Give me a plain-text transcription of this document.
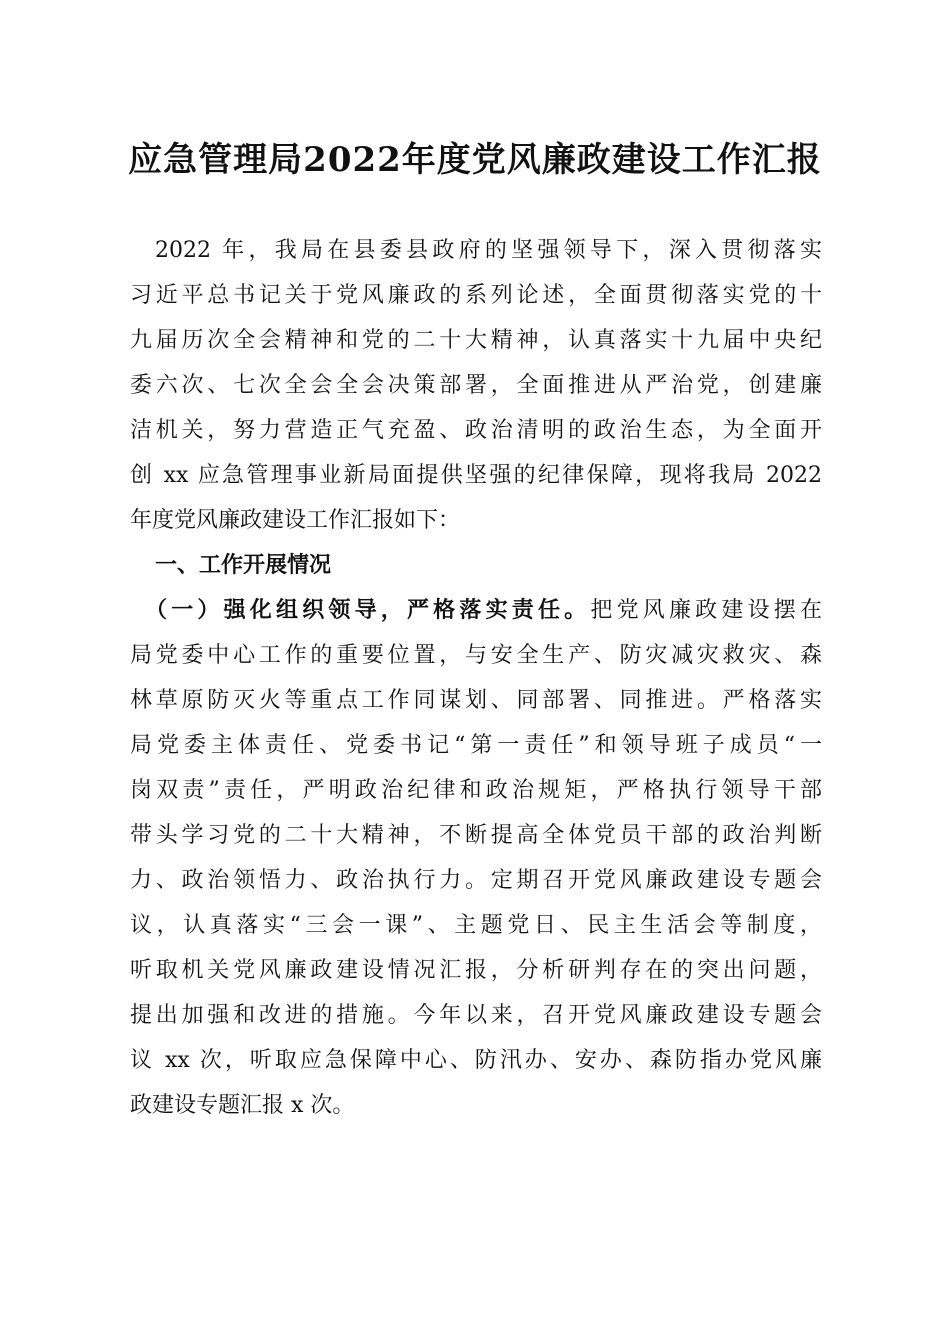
应急管理局2022年度党风廉政建设工作汇报
2022 年，我局在县委县政府的坚强领导下，深入贯彻落实
习近平总书记关于党风廉政的系列论述，全面贯彻落实党的十
九届历次全会精神和党的二十大精神，认真落实十九届中央纪
委六次、七次全会全会决策部署，全面推进从严治党，创建廉
洁机关，努力营造正气充盈、政治清明的政治生态，为全面开
创 xx 应急管理事业新局面提供坚强的纪律保障，现将我局 2022
年度党风廉政建设工作汇报如下：
一、工作开展情况
（一）强化组织领导，严格落实责任。把党风廉政建设摆在
局党委中心工作的重要位置，与安全生产、防灾减灾救灾、森
林草原防灭火等重点工作同谋划、同部署、同推进。严格落实
局党委主体责任、党委书记“第一责任”和领导班子成员“一
岗双责”责任，严明政治纪律和政治规矩，严格执行领导干部
带头学习党的二十大精神，不断提高全体党员干部的政治判断
力、政治领悟力、政治执行力。定期召开党风廉政建设专题会
议，认真落实“三会一课”、主题党日、民主生活会等制度，
听取机关党风廉政建设情况汇报，分析研判存在的突出问题，
提出加强和改进的措施。今年以来，召开党风廉政建设专题会
议 xx 次，听取应急保障中心、防汛办、安办、森防指办党风廉
政建设专题汇报 x 次。
